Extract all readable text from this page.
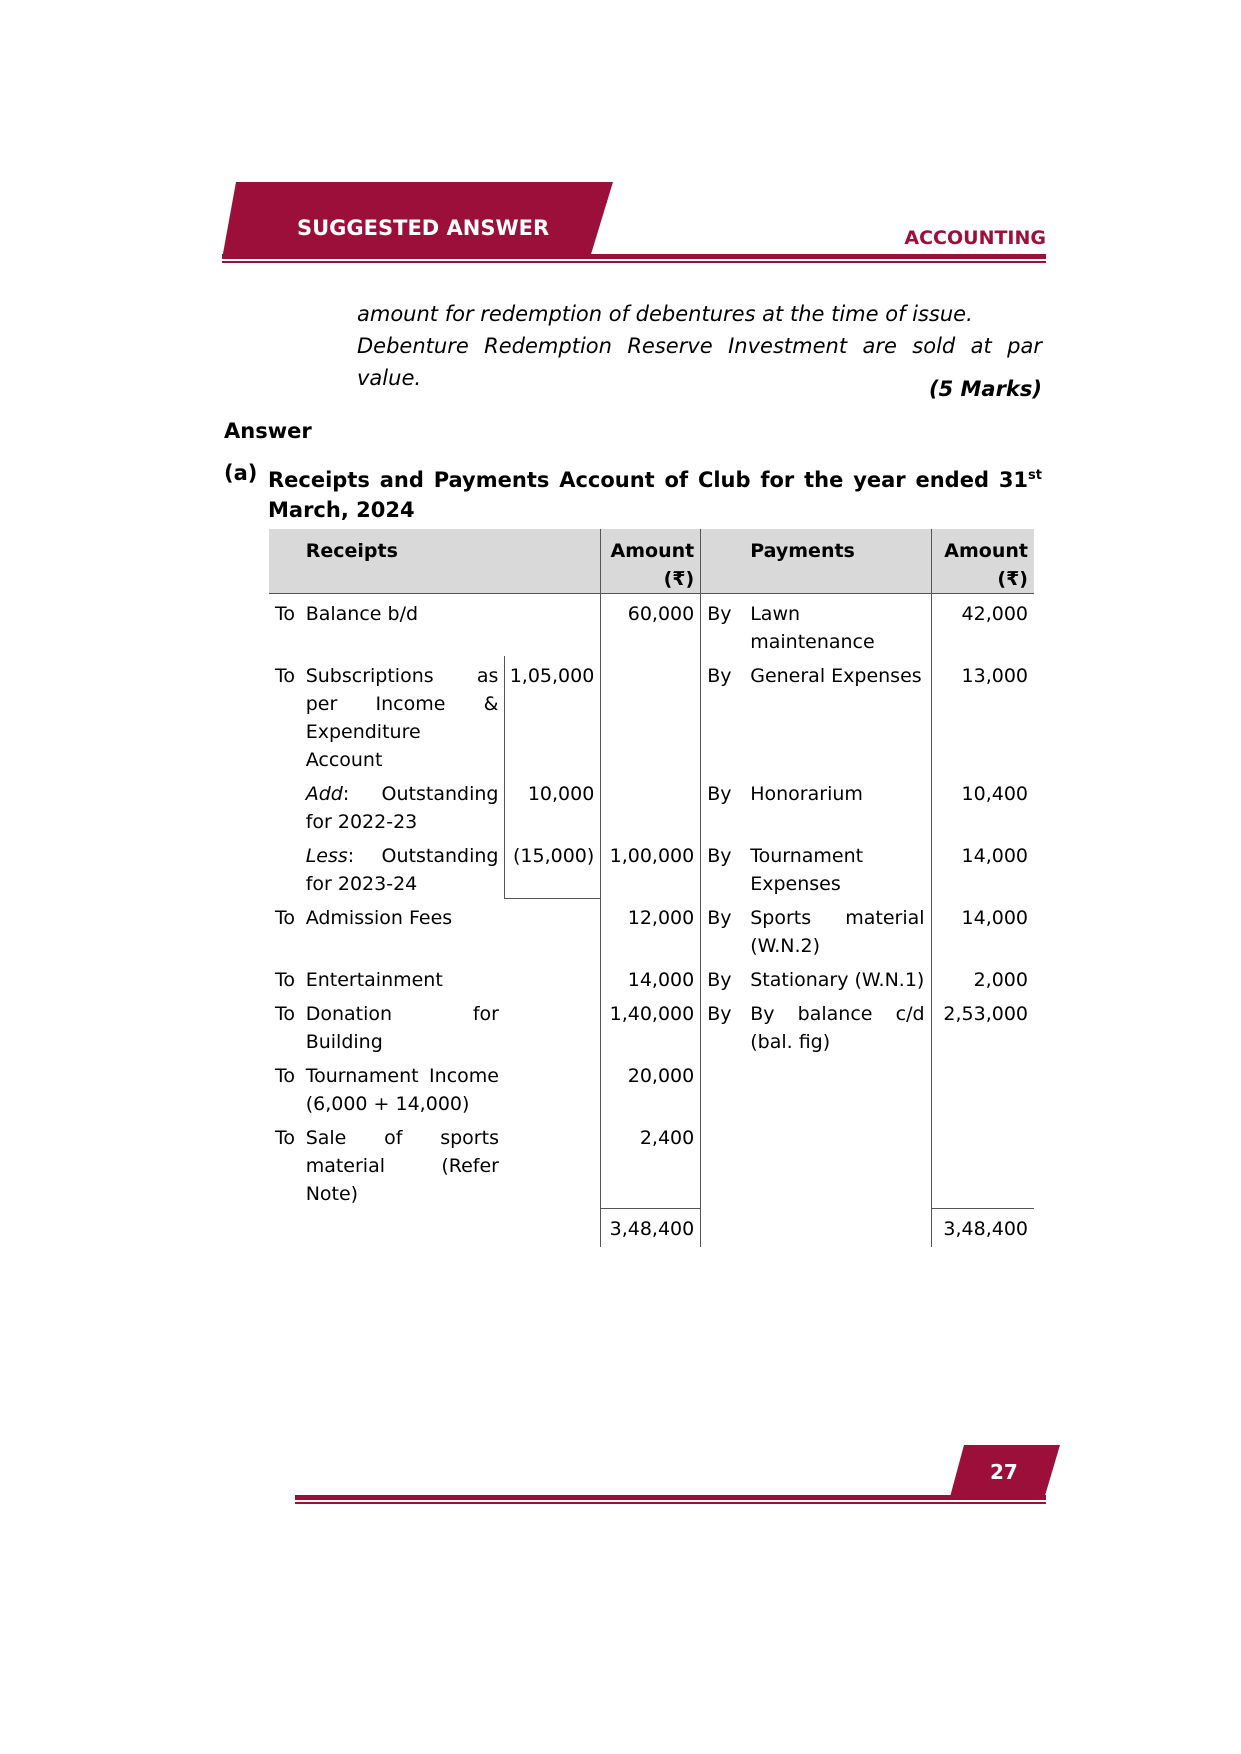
SUGGESTED ANSWER	ACCOUNTING
amount for redemption of debentures at the time of issue.
Debenture Redemption Reserve Investment are sold at par value.	(5 Marks)
Answer
(a) Receipts and Payments Account of Club for the year ended 31st March, 2024
	Receipts		Amount (₹)		Payments	Amount (₹)
To	Balance b/d		60,000	By	Lawn maintenance	42,000
To	Subscriptions as per Income & Expenditure Account	1,05,000		By	General Expenses	13,000
	Add: Outstanding for 2022-23	10,000		By	Honorarium	10,400
	Less: Outstanding for 2023-24	(15,000)	1,00,000	By	Tournament Expenses	14,000
To	Admission Fees		12,000	By	Sports material (W.N.2)	14,000
To	Entertainment		14,000	By	Stationary (W.N.1)	2,000
To	Donation for Building		1,40,000	By	By balance c/d (bal. fig)	2,53,000
To	Tournament Income (6,000 + 14,000)		20,000			
To	Sale of sports material (Refer Note)		2,400			
			3,48,400			3,48,400
27
